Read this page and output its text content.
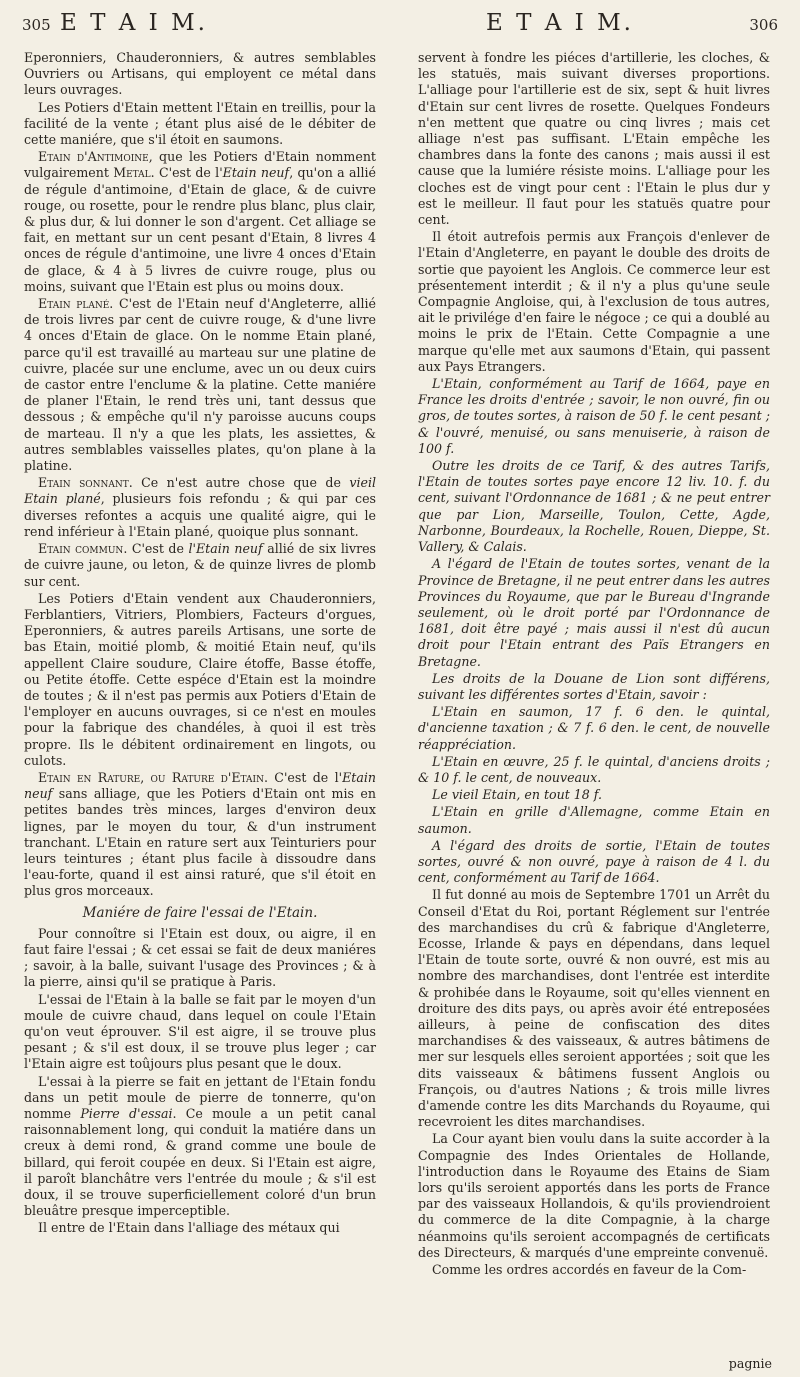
305 E T A I M.	E T A I M.	306

Eperonniers, Chauderonniers, & autres semblables Ouvriers ou Artisans, qui employent ce métal dans leurs ouvrages.

Les Potiers d'Etain mettent l'Etain en treillis, pour la facilité de la vente ; étant plus aisé de le débiter de cette maniére, que s'il étoit en saumons.

Etain d'Antimoine, que les Potiers d'Etain nomment vulgairement Metal. C'est de l'Etain neuf, qu'on a allié de régule d'antimoine, d'Etain de glace, & de cuivre rouge, ou rosette, pour le rendre plus blanc, plus clair, & plus dur, & lui donner le son d'argent. Cet alliage se fait, en mettant sur un cent pesant d'Etain, 8 livres 4 onces de régule d'antimoine, une livre 4 onces d'Etain de glace, & 4 à 5 livres de cuivre rouge, plus ou moins, suivant que l'Etain est plus ou moins doux.

Etain plané. C'est de l'Etain neuf d'Angleterre, allié de trois livres par cent de cuivre rouge, & d'une livre 4 onces d'Etain de glace. On le nomme Etain plané, parce qu'il est travaillé au marteau sur une platine de cuivre, placée sur une enclume, avec un ou deux cuirs de castor entre l'enclume & la platine. Cette maniére de planer l'Etain, le rend très uni, tant dessus que dessous ; & empêche qu'il n'y paroisse aucuns coups de marteau. Il n'y a que les plats, les assiettes, & autres semblables vaisselles plates, qu'on plane à la platine.

Etain sonnant. Ce n'est autre chose que de vieil Etain plané, plusieurs fois refondu ; & qui par ces diverses refontes a acquis une qualité aigre, qui le rend inférieur à l'Etain plané, quoique plus sonnant.

Etain commun. C'est de l'Etain neuf allié de six livres de cuivre jaune, ou leton, & de quinze livres de plomb sur cent.

Les Potiers d'Etain vendent aux Chauderonniers, Ferblantiers, Vitriers, Plombiers, Facteurs d'orgues, Eperonniers, & autres pareils Artisans, une sorte de bas Etain, moitié plomb, & moitié Etain neuf, qu'ils appellent Claire soudure, Claire étoffe, Basse étoffe, ou Petite étoffe. Cette espéce d'Etain est la moindre de toutes ; & il n'est pas permis aux Potiers d'Etain de l'employer en aucuns ouvrages, si ce n'est en moules pour la fabrique des chandéles, à quoi il est très propre. Ils le débitent ordinairement en lingots, ou culots.

Etain en Rature, ou Rature d'Etain. C'est de l'Etain neuf sans alliage, que les Potiers d'Etain ont mis en petites bandes très minces, larges d'environ deux lignes, par le moyen du tour, & d'un instrument tranchant. L'Etain en rature sert aux Teinturiers pour leurs teintures ; étant plus facile à dissoudre dans l'eau-forte, quand il est ainsi raturé, que s'il étoit en plus gros morceaux.

Maniére de faire l'essai de l'Etain.

Pour connoître si l'Etain est doux, ou aigre, il en faut faire l'essai ; & cet essai se fait de deux maniéres ; savoir, à la balle, suivant l'usage des Provinces ; & à la pierre, ainsi qu'il se pratique à Paris.

L'essai de l'Etain à la balle se fait par le moyen d'un moule de cuivre chaud, dans lequel on coule l'Etain qu'on veut éprouver. S'il est aigre, il se trouve plus pesant ; & s'il est doux, il se trouve plus leger ; car l'Etain aigre est toûjours plus pesant que le doux.

L'essai à la pierre se fait en jettant de l'Etain fondu dans un petit moule de pierre de tonnerre, qu'on nomme Pierre d'essai. Ce moule a un petit canal raisonnablement long, qui conduit la matiére dans un creux à demi rond, & grand comme une boule de billard, qui feroit coupée en deux. Si l'Etain est aigre, il paroît blanchâtre vers l'entrée du moule ; & s'il est doux, il se trouve superficiellement coloré d'un brun bleuâtre presque imperceptible.

Il entre de l'Etain dans l'alliage des métaux qui

servent à fondre les piéces d'artillerie, les cloches, & les statuës, mais suivant diverses proportions. L'alliage pour l'artillerie est de six, sept & huit livres d'Etain sur cent livres de rosette. Quelques Fondeurs n'en mettent que quatre ou cinq livres ; mais cet alliage n'est pas suffisant. L'Etain empêche les chambres dans la fonte des canons ; mais aussi il est cause que la lumiére résiste moins. L'alliage pour les cloches est de vingt pour cent : l'Etain le plus dur y est le meilleur. Il faut pour les statuës quatre pour cent.

Il étoit autrefois permis aux François d'enlever de l'Etain d'Angleterre, en payant le double des droits de sortie que payoient les Anglois. Ce commerce leur est présentement interdit ; & il n'y a plus qu'une seule Compagnie Angloise, qui, à l'exclusion de tous autres, ait le privilége d'en faire le négoce ; ce qui a doublé au moins le prix de l'Etain. Cette Compagnie a une marque qu'elle met aux saumons d'Etain, qui passent aux Pays Etrangers.

L'Etain, conformément au Tarif de 1664, paye en France les droits d'entrée ; savoir, le non ouvré, fin ou gros, de toutes sortes, à raison de 50 f. le cent pesant ; & l'ouvré, menuisé, ou sans menuiserie, à raison de 100 f.

Outre les droits de ce Tarif, & des autres Tarifs, l'Etain de toutes sortes paye encore 12 liv. 10. f. du cent, suivant l'Ordonnance de 1681 ; & ne peut entrer que par Lion, Marseille, Toulon, Cette, Agde, Narbonne, Bourdeaux, la Rochelle, Rouen, Dieppe, St. Vallery, & Calais.

A l'égard de l'Etain de toutes sortes, venant de la Province de Bretagne, il ne peut entrer dans les autres Provinces du Royaume, que par le Bureau d'Ingrande seulement, où le droit porté par l'Ordonnance de 1681, doit être payé ; mais aussi il n'est dû aucun droit pour l'Etain entrant des Païs Etrangers en Bretagne.

Les droits de la Douane de Lion sont différens, suivant les différentes sortes d'Etain, savoir :

L'Etain en saumon, 17 f. 6 den. le quintal, d'ancienne taxation ; & 7 f. 6 den. le cent, de nouvelle réappréciation.

L'Etain en œuvre, 25 f. le quintal, d'anciens droits ; & 10 f. le cent, de nouveaux.

Le vieil Etain, en tout 18 f.

L'Etain en grille d'Allemagne, comme Etain en saumon.

A l'égard des droits de sortie, l'Etain de toutes sortes, ouvré & non ouvré, paye à raison de 4 l. du cent, conformément au Tarif de 1664.

Il fut donné au mois de Septembre 1701 un Arrêt du Conseil d'Etat du Roi, portant Réglement sur l'entrée des marchandises du crû & fabrique d'Angleterre, Ecosse, Irlande & pays en dépendans, dans lequel l'Etain de toute sorte, ouvré & non ouvré, est mis au nombre des marchandises, dont l'entrée est interdite & prohibée dans le Royaume, soit qu'elles viennent en droiture des dits pays, ou après avoir été entreposées ailleurs, à peine de confiscation des dites marchandises & des vaisseaux, & autres bâtimens de mer sur lesquels elles seroient apportées ; soit que les dits vaisseaux & bâtimens fussent Anglois ou François, ou d'autres Nations ; & trois mille livres d'amende contre les dits Marchands du Royaume, qui recevroient les dites marchandises.

La Cour ayant bien voulu dans la suite accorder à la Compagnie des Indes Orientales de Hollande, l'introduction dans le Royaume des Etains de Siam lors qu'ils seroient apportés dans les ports de France par des vaisseaux Hollandois, & qu'ils proviendroient du commerce de la dite Compagnie, à la charge néanmoins qu'ils seroient accompagnés de certificats des Directeurs, & marqués d'une empreinte convenuë.

Comme les ordres accordés en faveur de la Com-

pagnie
